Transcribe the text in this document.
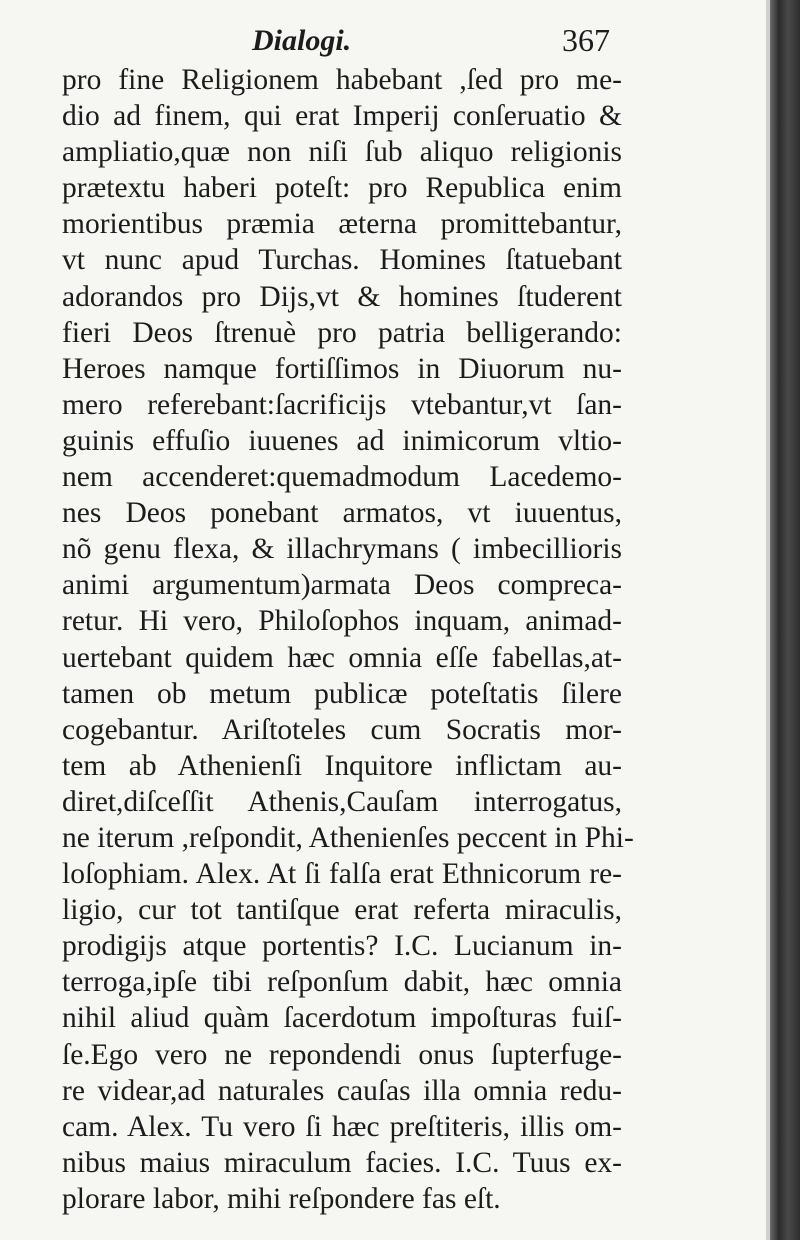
Dialogi.	367
pro fine Religionem habebant ,ſed pro me-
dio ad finem, qui erat Imperij conſeruatio &
ampliatio,quæ non niſi ſub aliquo religionis
prætextu haberi poteſt: pro Republica enim
morientibus præmia æterna promittebantur,
vt nunc apud Turchas. Homines ſtatuebant
adorandos pro Dijs,vt & homines ſtuderent
fieri Deos ſtrenuè pro patria belligerando:
Heroes namque fortiſſimos in Diuorum nu-
mero referebant:ſacrificijs vtebantur,vt ſan-
guinis effuſio iuuenes ad inimicorum vltio-
nem accenderet:quemadmodum Lacedemo-
nes Deos ponebant armatos, vt iuuentus,
nõ genu flexa, & illachrymans ( imbecillioris
animi argumentum)armata Deos compreca-
retur. Hi vero, Philoſophos inquam, animad-
uertebant quidem hæc omnia eſſe fabellas,at-
tamen ob metum publicæ poteſtatis ſilere
cogebantur. Ariſtoteles cum Socratis mor-
tem ab Athenienſi Inquitore inflictam au-
diret,diſceſſit Athenis,Cauſam interrogatus,
ne iterum ,reſpondit, Athenienſes peccent in Phi-
loſophiam. Alex. At ſi falſa erat Ethnicorum re-
ligio, cur tot tantiſque erat referta miraculis,
prodigijs atque portentis? I.C. Lucianum in-
terroga,ipſe tibi reſponſum dabit, hæc omnia
nihil aliud quàm ſacerdotum impoſturas fuiſ-
ſe.Ego vero ne repondendi onus ſupterfuge-
re videar,ad naturales cauſas illa omnia redu-
cam. Alex. Tu vero ſi hæc preſtiteris, illis om-
nibus maius miraculum facies. I.C. Tuus ex-
plorare labor, mihi reſpondere fas eſt.
